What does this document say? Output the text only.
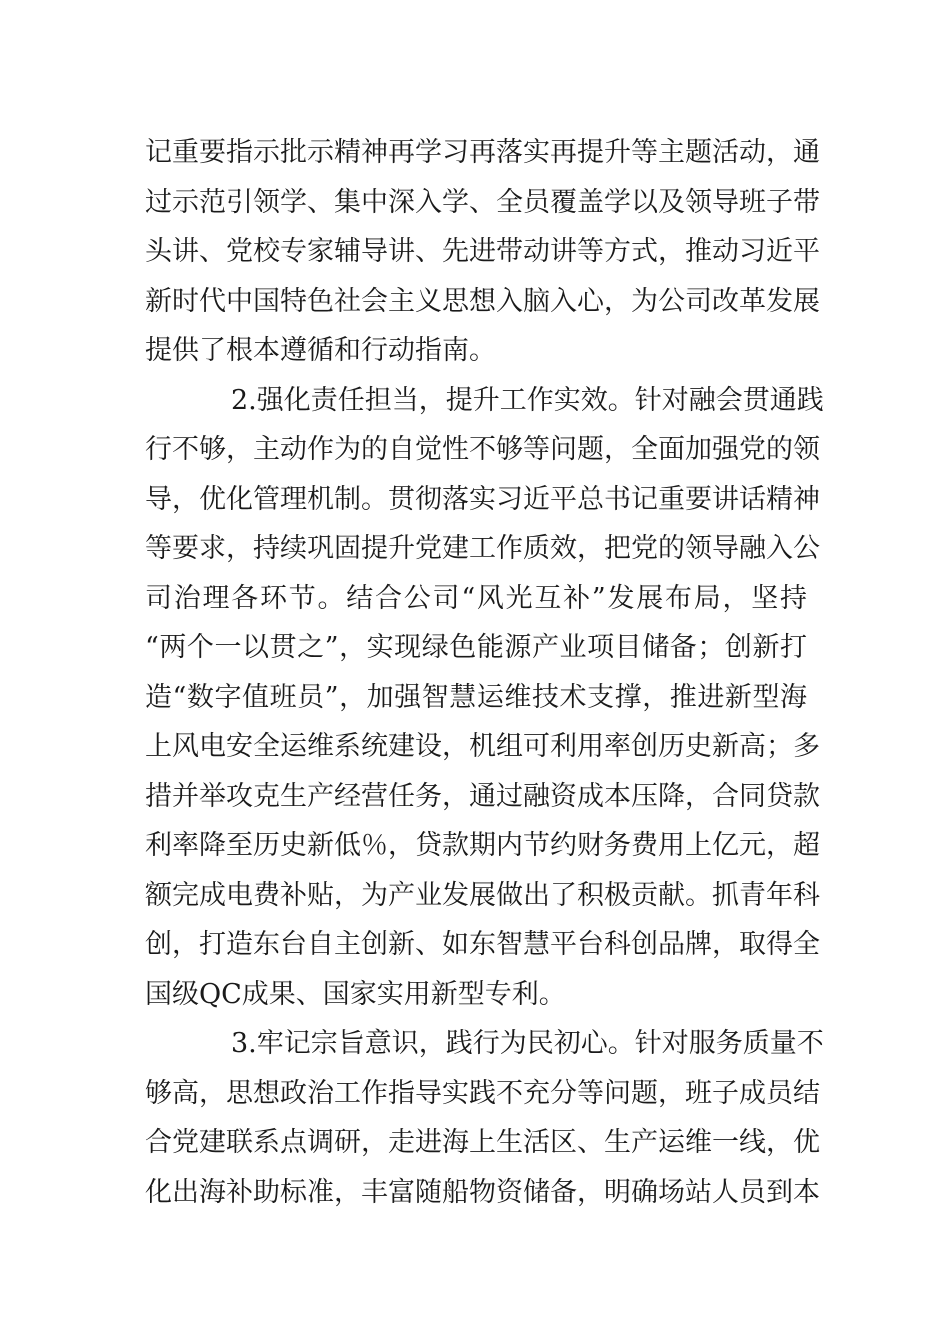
记重要指示批示精神再学习再落实再提升等主题活动，通
过示范引领学、集中深入学、全员覆盖学以及领导班子带
头讲、党校专家辅导讲、先进带动讲等方式，推动习近平
新时代中国特色社会主义思想入脑入心，为公司改革发展
提供了根本遵循和行动指南。
2.强化责任担当，提升工作实效。针对融会贯通践
行不够，主动作为的自觉性不够等问题，全面加强党的领
导，优化管理机制。贯彻落实习近平总书记重要讲话精神
等要求，持续巩固提升党建工作质效，把党的领导融入公
司治理各环节。结合公司“风光互补”发展布局，坚持
“两个一以贯之”，实现绿色能源产业项目储备；创新打
造“数字值班员”，加强智慧运维技术支撑，推进新型海
上风电安全运维系统建设，机组可利用率创历史新高；多
措并举攻克生产经营任务，通过融资成本压降，合同贷款
利率降至历史新低％，贷款期内节约财务费用上亿元，超
额完成电费补贴，为产业发展做出了积极贡献。抓青年科
创，打造东台自主创新、如东智慧平台科创品牌，取得全
国级QC成果、国家实用新型专利。
3.牢记宗旨意识，践行为民初心。针对服务质量不
够高，思想政治工作指导实践不充分等问题，班子成员结
合党建联系点调研，走进海上生活区、生产运维一线，优
化出海补助标准，丰富随船物资储备，明确场站人员到本
